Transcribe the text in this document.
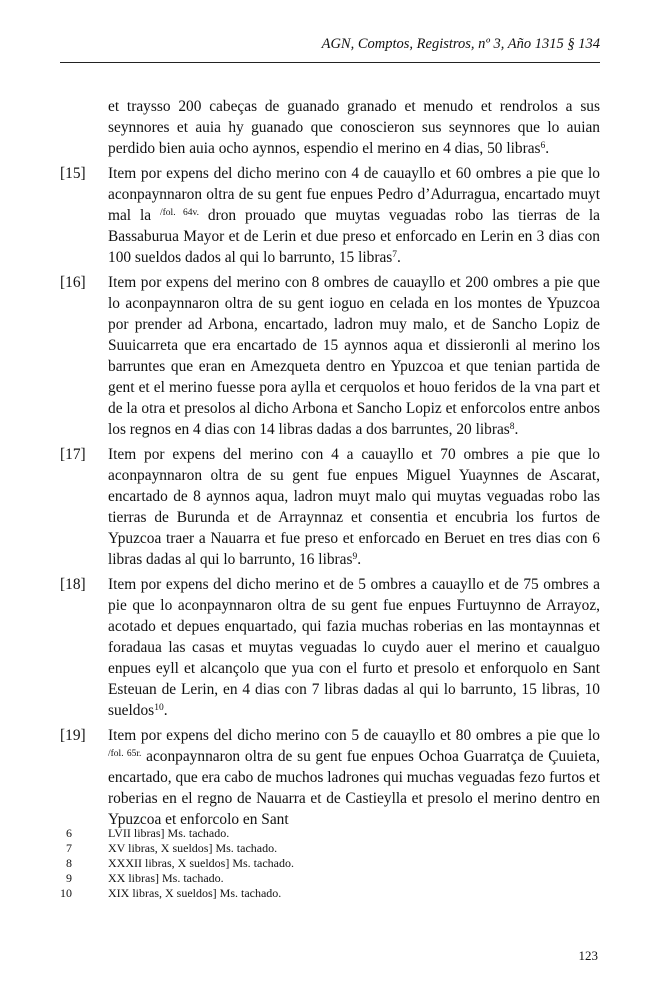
AGN, Comptos, Registros, nº 3, Año 1315 § 134

et traysso 200 cabeças de guanado granado et menudo et rendrolos a sus seynnores et auia hy guanado que conoscieron sus seynnores que lo auian perdido bien auia ocho aynnos, espendio el merino en 4 dias, 50 libras$^6$.

[15] Item por expens del dicho merino con 4 de cauayllo et 60 ombres a pie que lo aconpaynnaron oltra de su gent fue enpues Pedro d’Adurragua, encartado muyt mal la $^{/fol. 64v.}$ dron prouado que muytas veguadas robo las tierras de la Bassaburua Mayor et de Lerin et due preso et enforcado en Lerin en 3 dias con 100 sueldos dados al qui lo barrunto, 15 libras$^7$.

[16] Item por expens del merino con 8 ombres de cauayllo et 200 ombres a pie que lo aconpaynnaron oltra de su gent ioguo en celada en los montes de Ypuzcoa por prender ad Arbona, encartado, ladron muy malo, et de Sancho Lopiz de Suuicarreta que era encartado de 15 aynnos aqua et dissieronli al merino los barruntes que eran en Amezqueta dentro en Ypuzcoa et que tenian partida de gent et el merino fuesse pora aylla et cerquolos et houo feridos de la vna part et de la otra et presolos al dicho Arbona et Sancho Lopiz et enforcolos entre anbos los regnos en 4 dias con 14 libras dadas a dos barruntes, 20 libras$^8$.

[17] Item por expens del merino con 4 a cauayllo et 70 ombres a pie que lo aconpaynnaron oltra de su gent fue enpues Miguel Yuaynnes de Ascarat, encartado de 8 aynnos aqua, ladron muyt malo qui muytas veguadas robo las tierras de Burunda et de Arraynnaz et consentia et encubria los furtos de Ypuzcoa traer a Nauarra et fue preso et enforcado en Beruet en tres dias con 6 libras dadas al qui lo barrunto, 16 libras$^9$.

[18] Item por expens del dicho merino et de 5 ombres a cauayllo et de 75 ombres a pie que lo aconpaynnaron oltra de su gent fue enpues Furtuynno de Arrayoz, acotado et depues enquartado, qui fazia muchas roberias en las montaynnas et foradaua las casas et muytas veguadas lo cuydo auer el merino et caualguo enpues eyll et alcançolo que yua con el furto et presolo et enforquolo en Sant Esteuan de Lerin, en 4 dias con 7 libras dadas al qui lo barrunto, 15 libras, 10 sueldos$^{10}$.

[19] Item por expens del dicho merino con 5 de cauayllo et 80 ombres a pie que lo $^{/fol. 65r.}$ aconpaynnaron oltra de su gent fue enpues Ochoa Guarratça de Çuuieta, encartado, que era cabo de muchos ladrones qui muchas veguadas fezo furtos et roberias en el regno de Nauarra et de Castieylla et presolo el merino dentro en Ypuzcoa et enforcolo en Sant

6	LVII libras] Ms. tachado.
7	XV libras, X sueldos] Ms. tachado.
8	XXXII libras, X sueldos] Ms. tachado.
9	XX libras] Ms. tachado.
10	XIX libras, X sueldos] Ms. tachado.
123
